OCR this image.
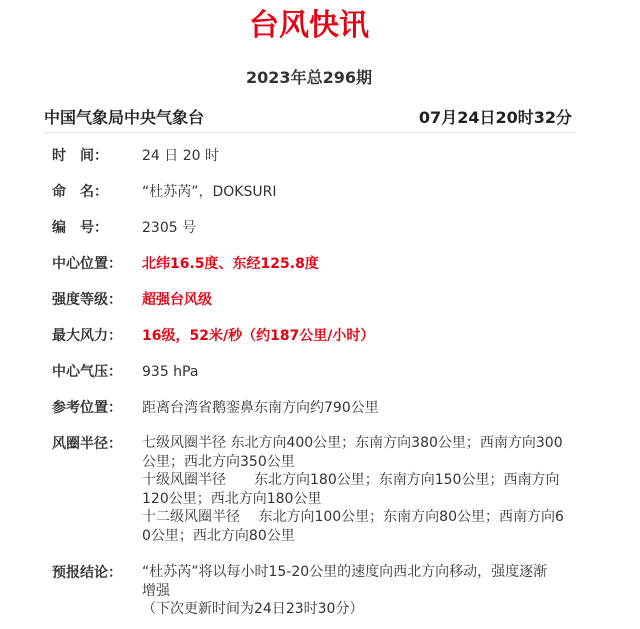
台风快讯
2023年总296期
中国气象局中央气象台	07月24日20时32分
时　间：	24 日 20 时
命　名：	“杜苏芮”，DOKSURI
编　号：	2305 号
中心位置：	北纬16.5度、东经125.8度
强度等级：	超强台风级
最大风力：	16级，52米/秒（约187公里/小时）
中心气压：	935 hPa
参考位置：	距离台湾省鹅銮鼻东南方向约790公里
风圈半径：	七级风圈半径 东北方向400公里；东南方向380公里；西南方向300
公里；西北方向350公里
十级风圈半径　　东北方向180公里；东南方向150公里；西南方向
120公里；西北方向180公里
十二级风圈半径　 东北方向100公里；东南方向80公里；西南方向6
0公里；西北方向80公里
预报结论：	“杜苏芮”将以每小时15-20公里的速度向西北方向移动，强度逐渐
增强
（下次更新时间为24日23时30分）
